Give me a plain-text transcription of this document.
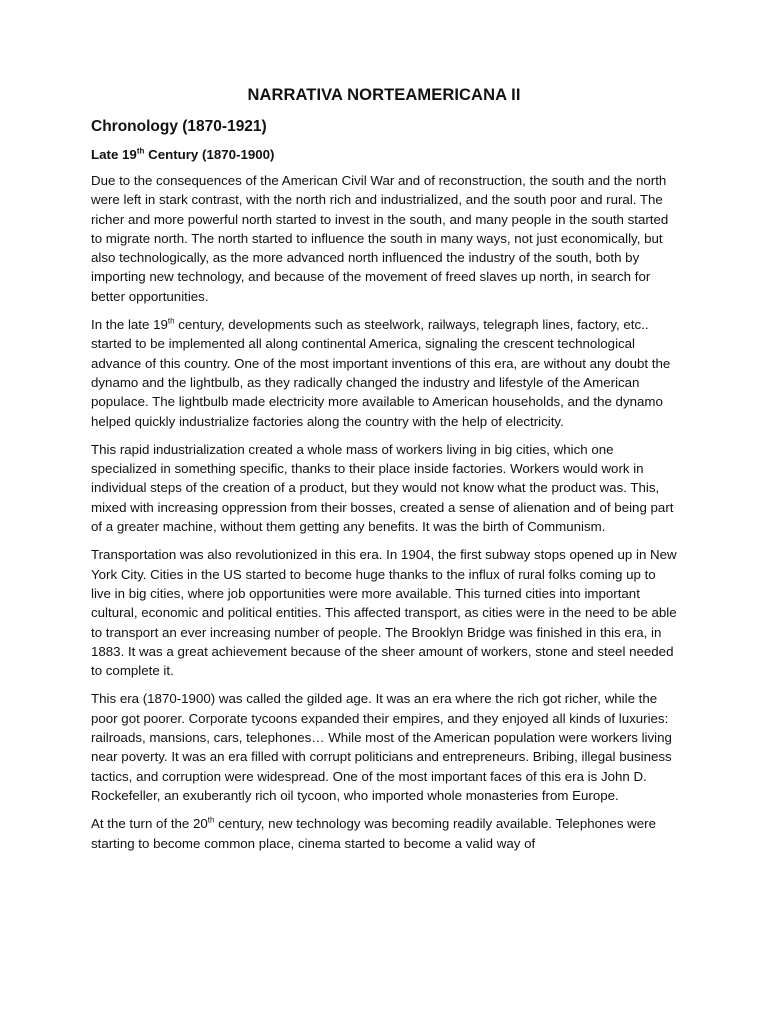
NARRATIVA NORTEAMERICANA II
Chronology (1870-1921)
Late 19th Century (1870-1900)

Due to the consequences of the American Civil War and of reconstruction, the south and the north were left in stark contrast, with the north rich and industrialized, and the south poor and rural. The richer and more powerful north started to invest in the south, and many people in the south started to migrate north. The north started to influence the south in many ways, not just economically, but also technologically, as the more advanced north influenced the industry of the south, both by importing new technology, and because of the movement of freed slaves up north, in search for better opportunities.

In the late 19th century, developments such as steelwork, railways, telegraph lines, factory, etc.. started to be implemented all along continental America, signaling the crescent technological advance of this country. One of the most important inventions of this era, are without any doubt the dynamo and the lightbulb, as they radically changed the industry and lifestyle of the American populace. The lightbulb made electricity more available to American households, and the dynamo helped quickly industrialize factories along the country with the help of electricity.

This rapid industrialization created a whole mass of workers living in big cities, which one specialized in something specific, thanks to their place inside factories. Workers would work in individual steps of the creation of a product, but they would not know what the product was. This, mixed with increasing oppression from their bosses, created a sense of alienation and of being part of a greater machine, without them getting any benefits. It was the birth of Communism.

Transportation was also revolutionized in this era. In 1904, the first subway stops opened up in New York City. Cities in the US started to become huge thanks to the influx of rural folks coming up to live in big cities, where job opportunities were more available. This turned cities into important cultural, economic and political entities. This affected transport, as cities were in the need to be able to transport an ever increasing number of people. The Brooklyn Bridge was finished in this era, in 1883. It was a great achievement because of the sheer amount of workers, stone and steel needed to complete it.

This era (1870-1900) was called the gilded age. It was an era where the rich got richer, while the poor got poorer. Corporate tycoons expanded their empires, and they enjoyed all kinds of luxuries: railroads, mansions, cars, telephones… While most of the American population were workers living near poverty. It was an era filled with corrupt politicians and entrepreneurs. Bribing, illegal business tactics, and corruption were widespread. One of the most important faces of this era is John D. Rockefeller, an exuberantly rich oil tycoon, who imported whole monasteries from Europe.

At the turn of the 20th century, new technology was becoming readily available. Telephones were starting to become common place, cinema started to become a valid way of
